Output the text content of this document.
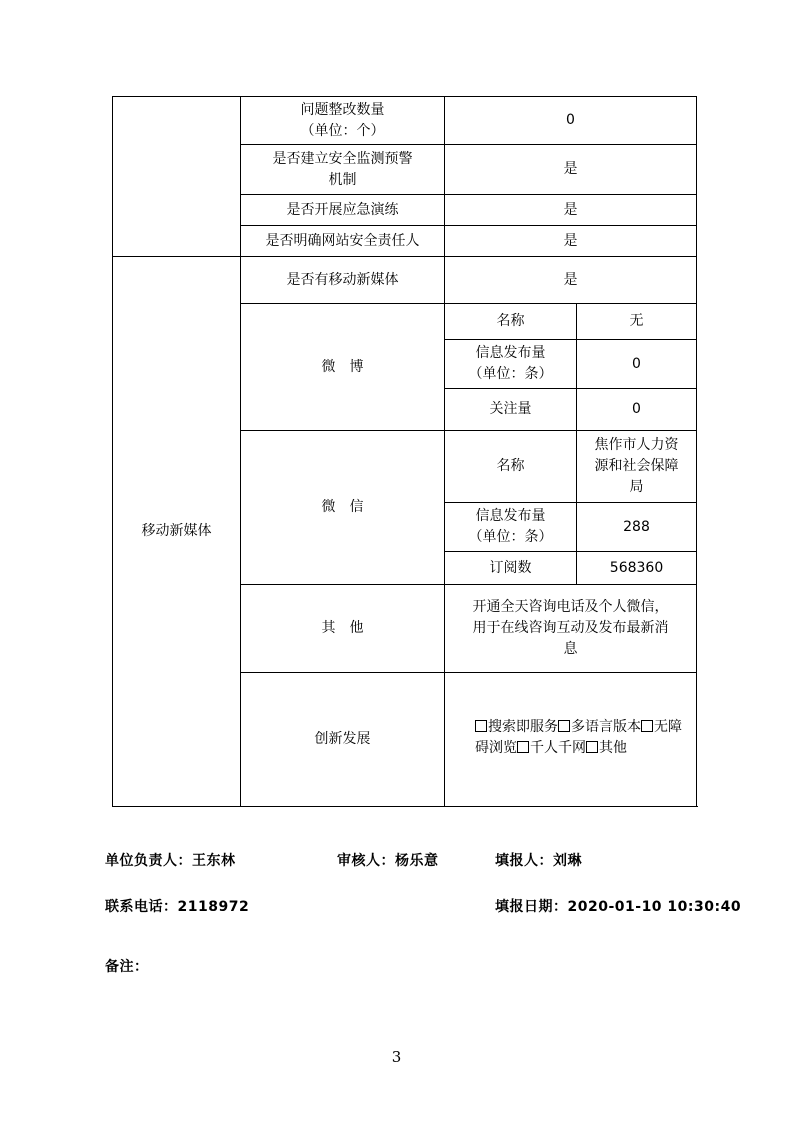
	问题整改数量
（单位：个）	0	

	是否建立安全监测预警
机制	是	
	是否开展应急演练	是	
	是否明确网站安全责任人	是	
移动新媒体	是否有移动新媒体	是	
	微　博	名称	无

		信息发布量
（单位：条）	0
		关注量	0
	微　信	名称	焦作市人力资
源和社会保障
局

		信息发布量
（单位：条）	288
		订阅数	568360
	其　他	开通全天咨询电话及个人微信，
用于在线咨询互动及发布最新消
息	

	创新发展	搜索即服务 多语言版本 无障碍浏览 千人千网 其他	
单位负责人：王东林	审核人：杨乐意	填报人：刘琳
联系电话：2118972	填报日期：2020-01-10 10:30:40
备注：
3
